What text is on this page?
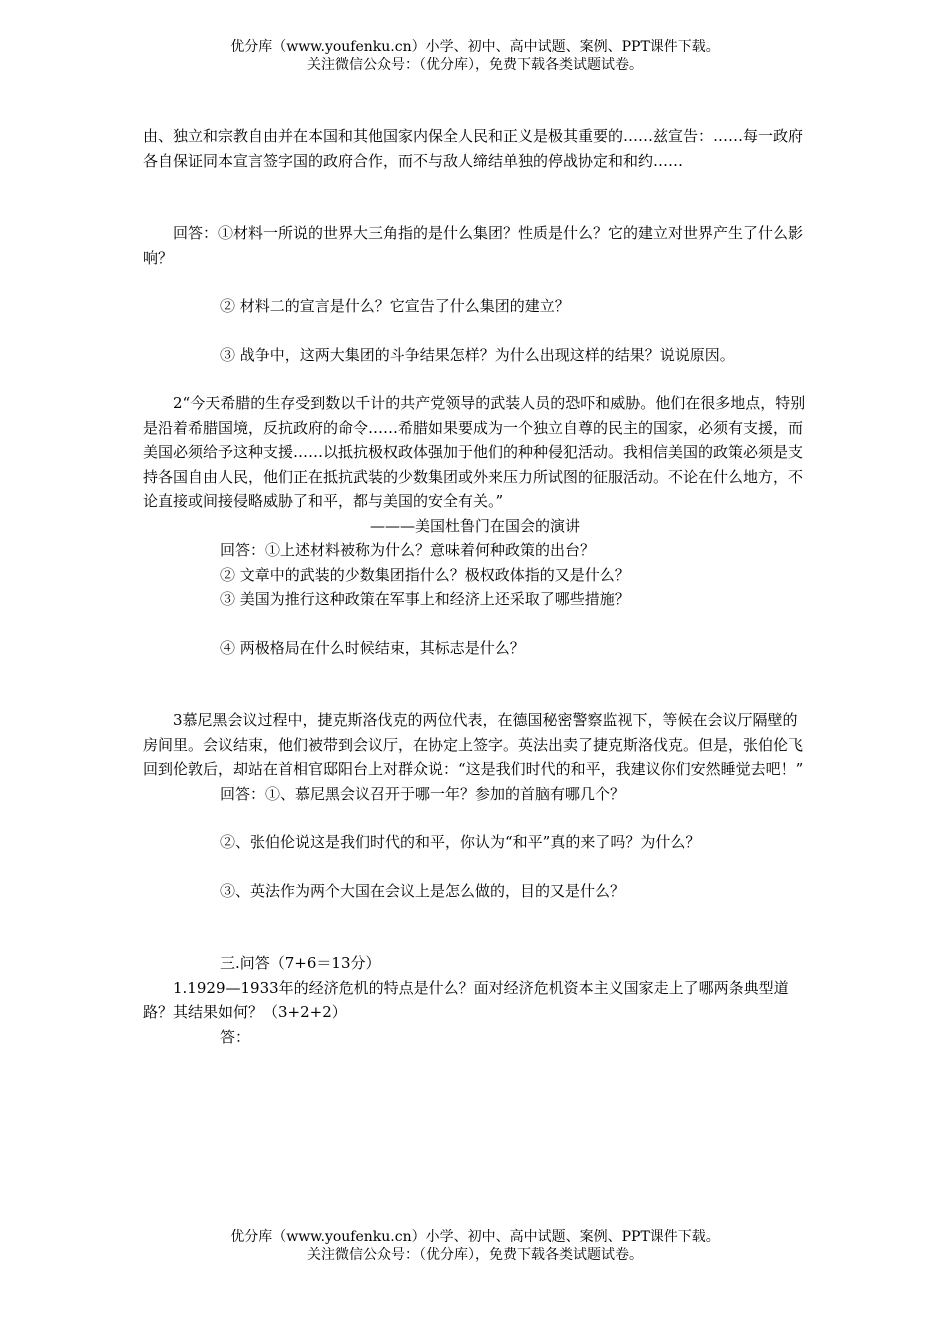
优分库（www.youfenku.cn）小学、初中、高中试题、案例、PPT课件下载。
关注微信公众号：（优分库），免费下载各类试题试卷。

由、独立和宗教自由并在本国和其他国家内保全人民和正义是极其重要的……兹宣告：……每一政府各自保证同本宣言签字国的政府合作，而不与敌人缔结单独的停战协定和和约……

回答：①材料一所说的世界大三角指的是什么集团？性质是什么？它的建立对世界产生了什么影响？

② 材料二的宣言是什么？它宣告了什么集团的建立？

③ 战争中，这两大集团的斗争结果怎样？为什么出现这样的结果？说说原因。

2“今天希腊的生存受到数以千计的共产党领导的武装人员的恐吓和威胁。他们在很多地点，特别是沿着希腊国境，反抗政府的命令……希腊如果要成为一个独立自尊的民主的国家，必须有支援，而美国必须给予这种支援……以抵抗极权政体强加于他们的种种侵犯活动。我相信美国的政策必须是支持各国自由人民，他们正在抵抗武装的少数集团或外来压力所试图的征服活动。不论在什么地方，不论直接或间接侵略威胁了和平，都与美国的安全有关。”

———美国杜鲁门在国会的演讲

回答：①上述材料被称为什么？意味着何种政策的出台？

② 文章中的武装的少数集团指什么？极权政体指的又是什么？

③ 美国为推行这种政策在军事上和经济上还采取了哪些措施？

④ 两极格局在什么时候结束，其标志是什么？

3慕尼黑会议过程中，捷克斯洛伐克的两位代表，在德国秘密警察监视下，等候在会议厅隔壁的房间里。会议结束，他们被带到会议厅，在协定上签字。英法出卖了捷克斯洛伐克。但是，张伯伦飞回到伦敦后，却站在首相官邸阳台上对群众说：“这是我们时代的和平，我建议你们安然睡觉去吧！”

回答：①、慕尼黑会议召开于哪一年？参加的首脑有哪几个？

②、张伯伦说这是我们时代的和平，你认为“和平”真的来了吗？为什么？

③、英法作为两个大国在会议上是怎么做的，目的又是什么？

三.问答（7+6＝13分）

1.1929—1933年的经济危机的特点是什么？面对经济危机资本主义国家走上了哪两条典型道路？其结果如何？（3+2+2）

答：

优分库（www.youfenku.cn）小学、初中、高中试题、案例、PPT课件下载。
关注微信公众号：（优分库），免费下载各类试题试卷。
